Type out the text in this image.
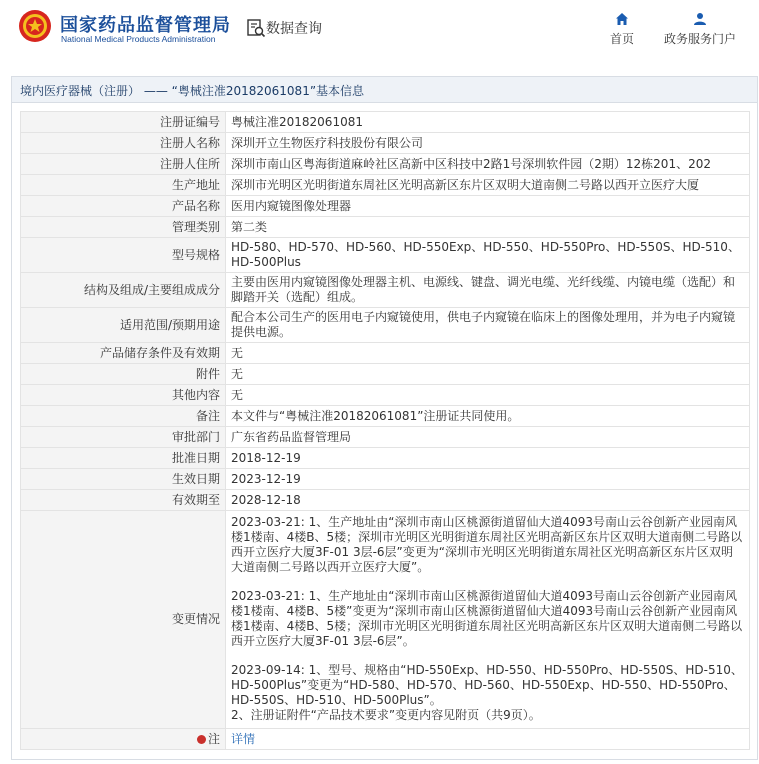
国家药品监督管理局
National Medical Products Administration
数据查询
首页	政务服务门户
境内医疗器械（注册） —— “粤械注准20182061081”基本信息
注册证编号	粤械注准20182061081
注册人名称	深圳开立生物医疗科技股份有限公司
注册人住所	深圳市南山区粤海街道麻岭社区高新中区科技中2路1号深圳软件园（2期）12栋201、202
生产地址	深圳市光明区光明街道东周社区光明高新区东片区双明大道南侧二号路以西开立医疗大厦
产品名称	医用内窥镜图像处理器
管理类别	第二类
型号规格	HD-580、HD-570、HD-560、HD-550Exp、HD-550、HD-550Pro、HD-550S、HD-510、HD-500Plus
结构及组成/主要组成成分	主要由医用内窥镜图像处理器主机、电源线、键盘、调光电缆、光纤线缆、内镜电缆（选配）和脚踏开关（选配）组成。
适用范围/预期用途	配合本公司生产的医用电子内窥镜使用，供电子内窥镜在临床上的图像处理用，并为电子内窥镜提供电源。
产品储存条件及有效期	无
附件	无
其他内容	无
备注	本文件与“粤械注准20182061081”注册证共同使用。
审批部门	广东省药品监督管理局
批准日期	2018-12-19
生效日期	2023-12-19
有效期至	2028-12-18
变更情况	2023-03-21: 1、生产地址由“深圳市南山区桃源街道留仙大道4093号南山云谷创新产业园南风楼1楼南、4楼B、5楼；深圳市光明区光明街道东周社区光明高新区东片区双明大道南侧二号路以西开立医疗大厦3F-01 3层-6层”变更为“深圳市光明区光明街道东周社区光明高新区东片区双明大道南侧二号路以西开立医疗大厦”。
2023-03-21: 1、生产地址由“深圳市南山区桃源街道留仙大道4093号南山云谷创新产业园南风楼1楼南、4楼B、5楼”变更为“深圳市南山区桃源街道留仙大道4093号南山云谷创新产业园南风楼1楼南、4楼B、5楼；深圳市光明区光明街道东周社区光明高新区东片区双明大道南侧二号路以西开立医疗大厦3F-01 3层-6层”。
2023-09-14: 1、型号、规格由“HD-550Exp、HD-550、HD-550Pro、HD-550S、HD-510、HD-500Plus”变更为“HD-580、HD-570、HD-560、HD-550Exp、HD-550、HD-550Pro、HD-550S、HD-510、HD-500Plus”。
2、注册证附件“产品技术要求”变更内容见附页（共9页）。

注	详情
